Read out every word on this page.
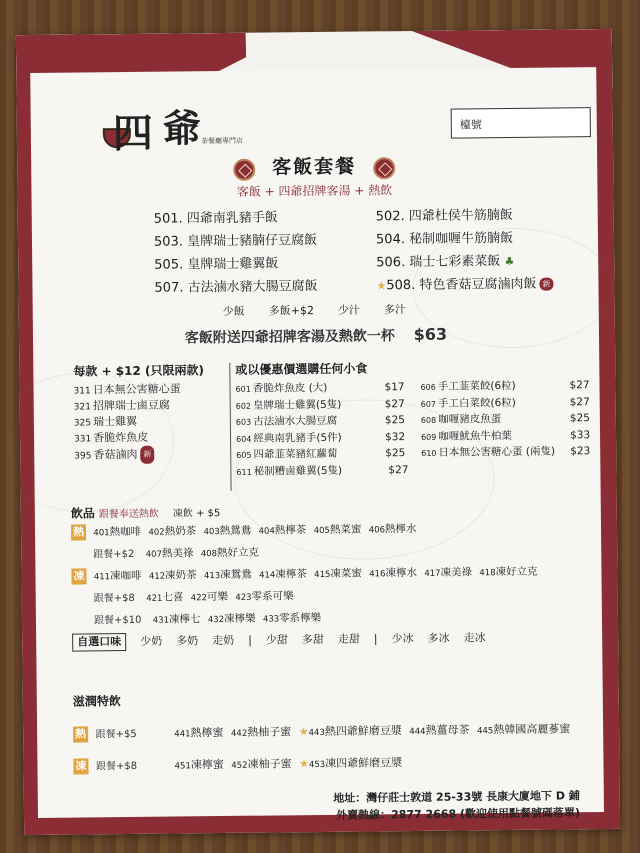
四 爺 茶餐廳專門店
檯號
客飯套餐
客飯 + 四爺招牌客湯 + 熱飲
501. 四爺南乳豬手飯	502. 四爺杜侯牛筋腩飯
503. 皇牌瑞士豬腩仔豆腐飯	504. 秘制咖喱牛筋腩飯
505. 皇牌瑞士雞翼飯	506. 瑞士七彩素菜飯 ♣
507. 古法滷水豬大腸豆腐飯	★508. 特色香菇豆腐滷肉飯 新
少飯 多飯+$2 少汁 多汁
客飯附送四爺招牌客湯及熱飲一杯 $63
每款 + $12 (只限兩款)
311 日本無公害糖心蛋
321 招牌瑞士鹵豆腐
325 瑞士雞翼
331 香脆炸魚皮
395 香菇滷肉 新
或以優惠價選購任何小食
601 香脆炸魚皮 (大)	$17	606 手工韮菜餃(6粒)	$27
602 皇牌瑞士雞翼(5隻)	$27	607 手工白菜餃(6粒)	$27
603 古法滷水大腸豆腐	$25	608 咖喱豬皮魚蛋	$25
604 經典南乳豬手(5件)	$32	609 咖喱魷魚牛柏葉	$33
605 四爺韮菜豬紅蘿蔔	$25	610 日本無公害糖心蛋 (兩隻)	$23
611 秘制糟鹵雞翼(5隻)	$27
飲品 跟餐奉送熱飲 凍飲 + $5
熱 401熱咖啡 402熱奶茶 403熱鴛鴦 404熱檸茶 405熱菜蜜 406熱檸水
跟餐+$2 407熱美祿 408熱好立克
凍 411凍咖啡 412凍奶茶 413凍鴛鴦 414凍檸茶 415凍菜蜜 416凍檸水 417凍美祿 418凍好立克
跟餐+$8 421七喜 422可樂 423零系可樂
跟餐+$10 431凍檸七 432凍檸樂 433零系檸樂
自選口味	少奶 多奶 走奶 | 少甜 多甜 走甜 | 少冰 多冰 走冰
滋潤特飲
熱 跟餐+$5	441熱檸蜜 442熱柚子蜜 ★443熱四爺鮮磨豆漿 444熱薑母茶 445熱韓國高麗蔘蜜
凍 跟餐+$8	451凍檸蜜 452凍柚子蜜 ★453凍四爺鮮磨豆漿
地址：灣仔莊士敦道 25-33號 長康大廈地下 D 鋪
外賣熱線：2877 2668 (歡迎使用點餐號碼落單)
